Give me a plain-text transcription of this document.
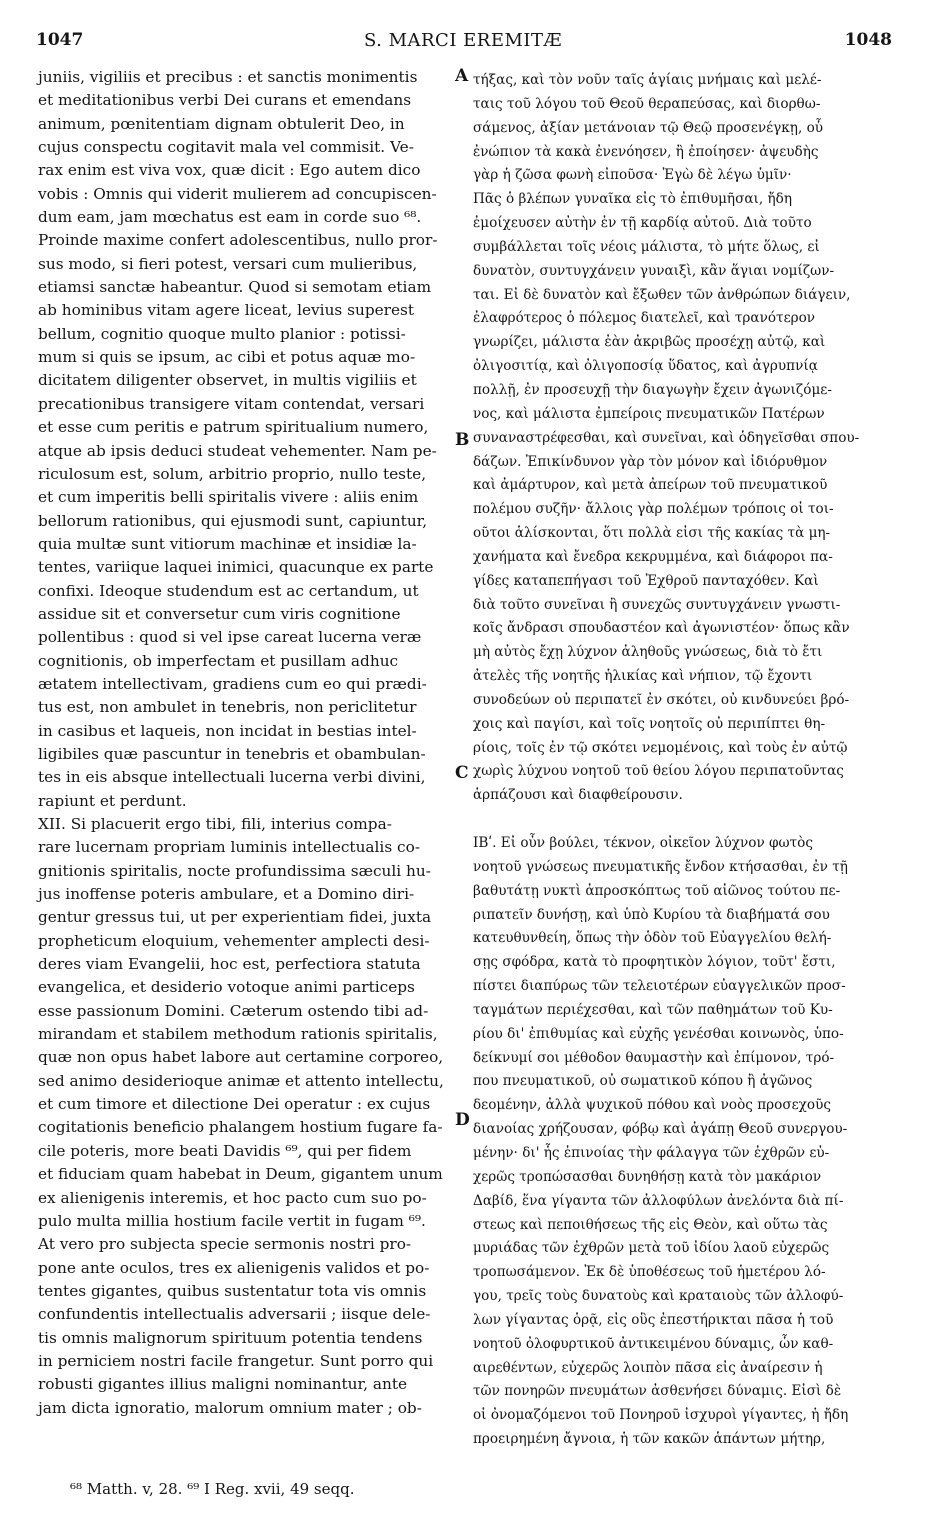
1047	S. MARCI EREMITÆ	1048
juniis, vigiliis et precibus : et sanctis monimentis
et meditationibus verbi Dei curans et emendans
animum, pœnitentiam dignam obtulerit Deo, in
cujus conspectu cogitavit mala vel commisit. Ve-
rax enim est viva vox, quæ dicit : Ego autem dico
vobis : Omnis qui viderit mulierem ad concupiscen-
dum eam, jam mœchatus est eam in corde suo ⁶⁸.
Proinde maxime confert adolescentibus, nullo pror-
sus modo, si fieri potest, versari cum mulieribus,
etiamsi sanctæ habeantur. Quod si semotam etiam
ab hominibus vitam agere liceat, levius superest
bellum, cognitio quoque multo planior : potissi-
mum si quis se ipsum, ac cibi et potus aquæ mo-
dicitatem diligenter observet, in multis vigiliis et
precationibus transigere vitam contendat, versari
et esse cum peritis e patrum spiritualium numero,
atque ab ipsis deduci studeat vehementer. Nam pe-
riculosum est, solum, arbitrio proprio, nullo teste,
et cum imperitis belli spiritalis vivere : aliis enim
bellorum rationibus, qui ejusmodi sunt, capiuntur,
quia multæ sunt vitiorum machinæ et insidiæ la-
tentes, variique laquei inimici, quacunque ex parte
confixi. Ideoque studendum est ac certandum, ut
assidue sit et conversetur cum viris cognitione
pollentibus : quod si vel ipse careat lucerna veræ
cognitionis, ob imperfectam et pusillam adhuc
ætatem intellectivam, gradiens cum eo qui prædi-
tus est, non ambulet in tenebris, non periclitetur
in casibus et laqueis, non incidat in bestias intel-
ligibiles quæ pascuntur in tenebris et obambulan-
tes in eis absque intellectuali lucerna verbi divini,
rapiunt et perdunt.
XII. Si placuerit ergo tibi, fili, interius compa-
rare lucernam propriam luminis intellectualis co-
gnitionis spiritalis, nocte profundissima sæculi hu-
jus inoffense poteris ambulare, et a Domino diri-
gentur gressus tui, ut per experientiam fidei, juxta
propheticum eloquium, vehementer amplecti desi-
deres viam Evangelii, hoc est, perfectiora statuta
evangelica, et desiderio votoque animi particeps
esse passionum Domini. Cæterum ostendo tibi ad-
mirandam et stabilem methodum rationis spiritalis,
quæ non opus habet labore aut certamine corporeo,
sed animo desiderioque animæ et attento intellectu,
et cum timore et dilectione Dei operatur : ex cujus
cogitationis beneficio phalangem hostium fugare fa-
cile poteris, more beati Davidis ⁶⁹, qui per fidem
et fiduciam quam habebat in Deum, gigantem unum
ex alienigenis interemis, et hoc pacto cum suo po-
pulo multa millia hostium facile vertit in fugam ⁶⁹.
At vero pro subjecta specie sermonis nostri pro-
pone ante oculos, tres ex alienigenis validos et po-
tentes gigantes, quibus sustentatur tota vis omnis
confundentis intellectualis adversarii ; iisque dele-
tis omnis malignorum spirituum potentia tendens
in perniciem nostri facile frangetur. Sunt porro qui
robusti gigantes illius maligni nominantur, ante
jam dicta ignoratio, malorum omnium mater ; ob-
τήξας, καὶ τὸν νοῦν ταῖς ἁγίαις μνήμαις καὶ μελέ-
ταις τοῦ λόγου τοῦ Θεοῦ θεραπεύσας, καὶ διορθω-
σάμενος, ἀξίαν μετάνοιαν τῷ Θεῷ προσενέγκῃ, οὗ
ἐνώπιον τὰ κακὰ ἐνενόησεν, ἢ ἐποίησεν· ἀψευδὴς
γὰρ ἡ ζῶσα φωνὴ εἰποῦσα· Ἐγὼ δὲ λέγω ὑμῖν·
Πᾶς ὁ βλέπων γυναῖκα εἰς τὸ ἐπιθυμῆσαι, ἤδη
ἐμοίχευσεν αὐτὴν ἐν τῇ καρδίᾳ αὐτοῦ. Διὰ τοῦτο
συμβάλλεται τοῖς νέοις μάλιστα, τὸ μήτε ὅλως, εἰ
δυνατὸν, συντυγχάνειν γυναιξὶ, κἂν ἅγιαι νομίζων-
ται. Εἰ δὲ δυνατὸν καὶ ἔξωθεν τῶν ἀνθρώπων διάγειν,
ἐλαφρότερος ὁ πόλεμος διατελεῖ, καὶ τρανότερον
γνωρίζει, μάλιστα ἐὰν ἀκριβῶς προσέχῃ αὐτῷ, καὶ
ὀλιγοσιτίᾳ, καὶ ὀλιγοποσίᾳ ὕδατος, καὶ ἀγρυπνίᾳ
πολλῇ, ἐν προσευχῇ τὴν διαγωγὴν ἔχειν ἀγωνιζόμε-
νος, καὶ μάλιστα ἐμπείροις πνευματικῶν Πατέρων
συναναστρέφεσθαι, καὶ συνεῖναι, καὶ ὁδηγεῖσθαι σπου-
δάζων. Ἐπικίνδυνον γὰρ τὸν μόνον καὶ ἰδιόρυθμον
καὶ ἀμάρτυρον, καὶ μετὰ ἀπείρων τοῦ πνευματικοῦ
πολέμου συζῆν· ἄλλοις γὰρ πολέμων τρόποις οἱ τοι-
οῦτοι ἁλίσκονται, ὅτι πολλὰ εἰσι τῆς κακίας τὰ μη-
χανήματα καὶ ἔνεδρα κεκρυμμένα, καὶ διάφοροι πα-
γίδες καταπεπήγασι τοῦ Ἐχθροῦ πανταχόθεν. Καὶ
διὰ τοῦτο συνεῖναι ἢ συνεχῶς συντυγχάνειν γνωστι-
κοῖς ἄνδρασι σπουδαστέον καὶ ἀγωνιστέον· ὅπως κἂν
μὴ αὐτὸς ἔχῃ λύχνον ἀληθοῦς γνώσεως, διὰ τὸ ἔτι
ἀτελὲς τῆς νοητῆς ἡλικίας καὶ νήπιον, τῷ ἔχοντι
συνοδεύων οὐ περιπατεῖ ἐν σκότει, οὐ κινδυνεύει βρό-
χοις καὶ παγίσι, καὶ τοῖς νοητοῖς οὐ περιπίπτει θη-
ρίοις, τοῖς ἐν τῷ σκότει νεμομένοις, καὶ τοὺς ἐν αὐτῷ
χωρὶς λύχνου νοητοῦ τοῦ θείου λόγου περιπατοῦντας
ἁρπάζουσι καὶ διαφθείρουσιν.
ΙΒʹ. Εἰ οὖν βούλει, τέκνον, οἰκεῖον λύχνον φωτὸς
νοητοῦ γνώσεως πνευματικῆς ἔνδον κτήσασθαι, ἐν τῇ
βαθυτάτῃ νυκτὶ ἀπροσκόπτως τοῦ αἰῶνος τούτου πε-
ριπατεῖν δυνήσῃ, καὶ ὑπὸ Κυρίου τὰ διαβήματά σου
κατευθυνθείη, ὅπως τὴν ὁδὸν τοῦ Εὐαγγελίου θελή-
σῃς σφόδρα, κατὰ τὸ προφητικὸν λόγιον, τοῦτ' ἔστι,
πίστει διαπύρως τῶν τελειοτέρων εὐαγγελικῶν προσ-
ταγμάτων περιέχεσθαι, καὶ τῶν παθημάτων τοῦ Κυ-
ρίου δι' ἐπιθυμίας καὶ εὐχῆς γενέσθαι κοινωνὸς, ὑπο-
δείκνυμί σοι μέθοδον θαυμαστὴν καὶ ἐπίμονον, τρό-
που πνευματικοῦ, οὐ σωματικοῦ κόπου ἢ ἀγῶνος
δεομένην, ἀλλὰ ψυχικοῦ πόθου καὶ νοὸς προσεχοῦς
διανοίας χρήζουσαν, φόβῳ καὶ ἀγάπῃ Θεοῦ συνεργου-
μένην· δι' ἧς ἐπινοίας τὴν φάλαγγα τῶν ἐχθρῶν εὐ-
χερῶς τροπώσασθαι δυνηθήσῃ κατὰ τὸν μακάριον
Δαβίδ, ἕνα γίγαντα τῶν ἀλλοφύλων ἀνελόντα διὰ πί-
στεως καὶ πεποιθήσεως τῆς εἰς Θεὸν, καὶ οὕτω τὰς
μυριάδας τῶν ἐχθρῶν μετὰ τοῦ ἰδίου λαοῦ εὐχερῶς
τροπωσάμενον. Ἐκ δὲ ὑποθέσεως τοῦ ἡμετέρου λό-
γου, τρεῖς τοὺς δυνατοὺς καὶ κραταιοὺς τῶν ἀλλοφύ-
λων γίγαντας ὁρᾷ, εἰς οὓς ἐπεστήρικται πᾶσα ἡ τοῦ
νοητοῦ ὀλοφυρτικοῦ ἀντικειμένου δύναμις, ὧν καθ-
αιρεθέντων, εὐχερῶς λοιπὸν πᾶσα εἰς ἀναίρεσιν ἡ
τῶν πονηρῶν πνευμάτων ἀσθενήσει δύναμις. Εἰσὶ δὲ
οἱ ὀνομαζόμενοι τοῦ Πονηροῦ ἰσχυροὶ γίγαντες, ἡ ἤδη
προειρημένη ἄγνοια, ἡ τῶν κακῶν ἁπάντων μήτηρ,
A
B
C
D
⁶⁸ Matth. v, 28. ⁶⁹ I Reg. xvii, 49 seqq.
